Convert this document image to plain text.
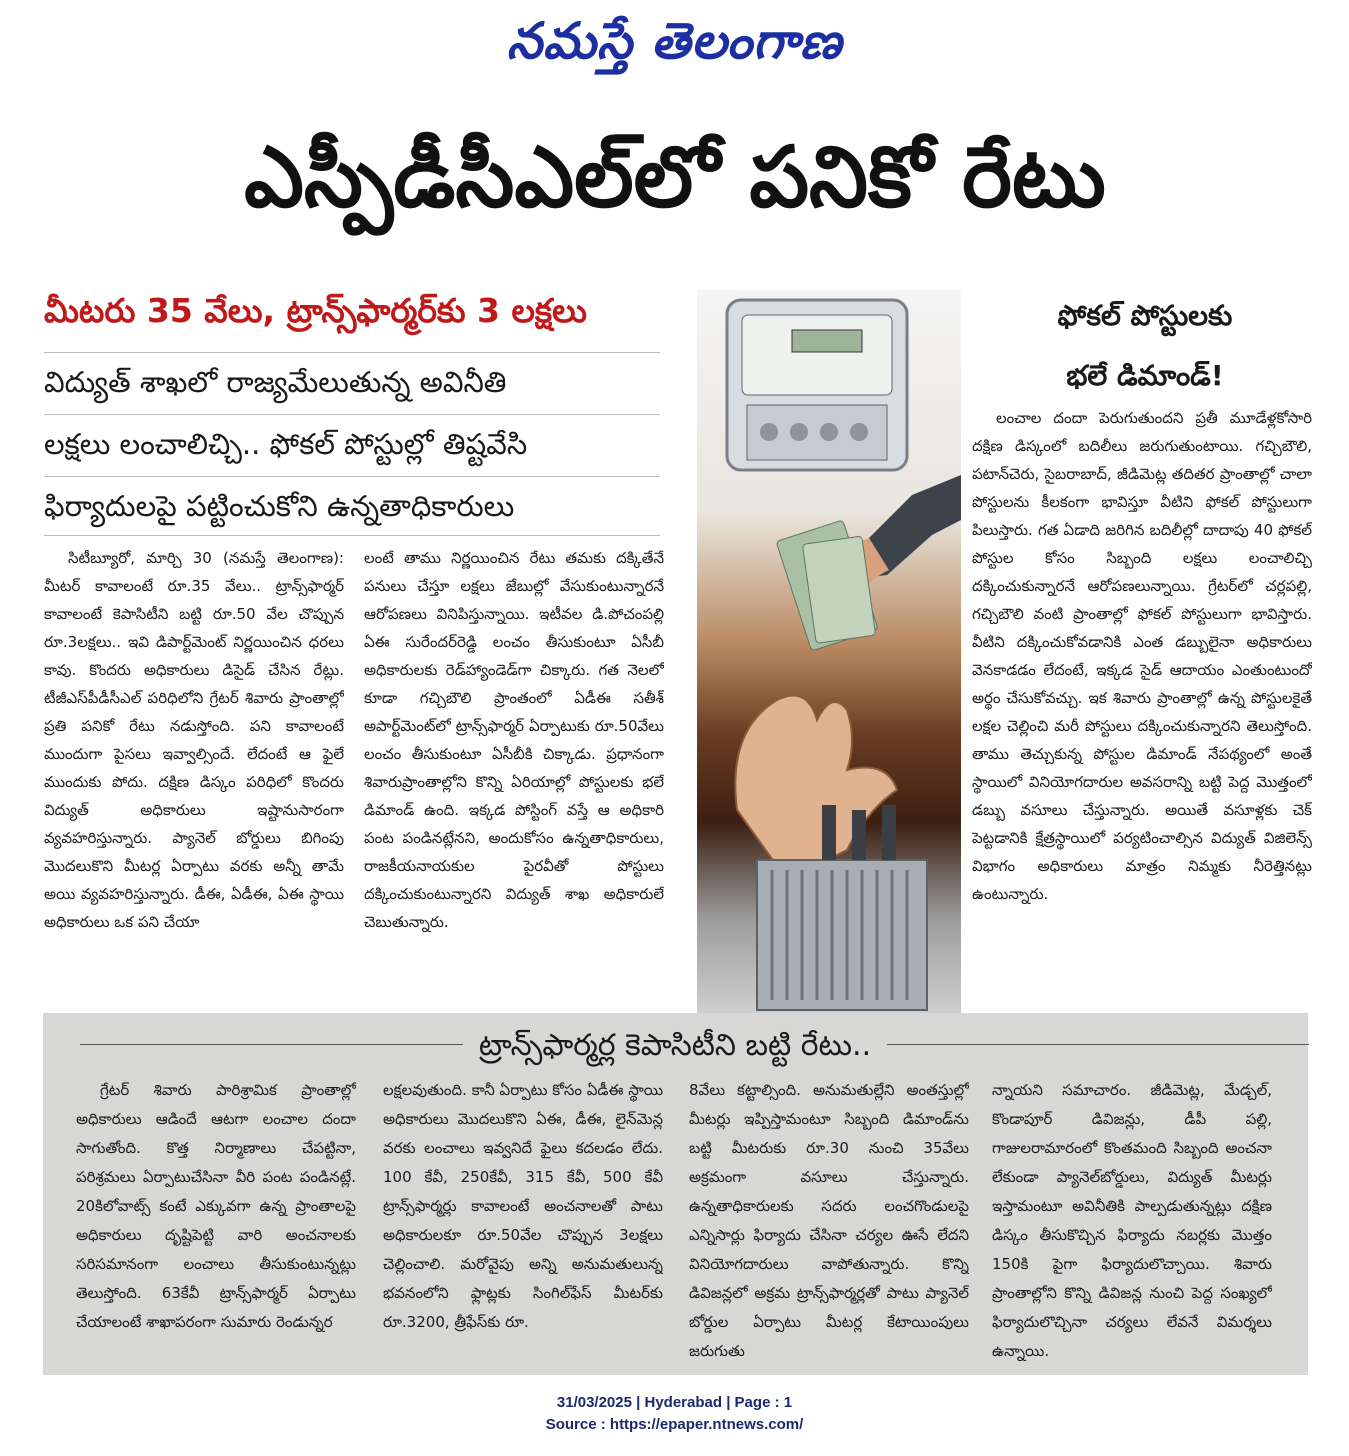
నమస్తే తెలంగాణ
ఎస్పీడీసీఎల్‌లో పనికో రేటు
మీటరు 35 వేలు, ట్రాన్స్‌ఫార్మర్‌కు 3 లక్షలు
విద్యుత్ శాఖలో రాజ్యమేలుతున్న అవినీతి
లక్షలు లంచాలిచ్చి.. ఫోకల్ పోస్టుల్లో తిష్టవేసి
ఫిర్యాదులపై పట్టించుకోని ఉన్నతాధికారులు
సిటీబ్యూరో, మార్చి 30 (నమస్తే తెలంగాణ): మీటర్ కావాలంటే రూ.35 వేలు.. ట్రాన్స్‌ఫార్మర్ కావాలంటే కెపాసిటీని బట్టి రూ.50 వేల చొప్పున రూ.3లక్షలు.. ఇవి డిపార్ట్‌మెంట్ నిర్ణయించిన ధరలు కావు. కొందరు అధికారులు డిసైడ్ చేసిన రేట్లు. టీజీఎస్‌పీడీసీఎల్ పరిధిలోని గ్రేటర్ శివారు ప్రాంతాల్లో ప్రతి పనికో రేటు నడుస్తోంది. పని కావాలంటే ముందుగా పైసలు ఇవ్వాల్సిందే. లేదంటే ఆ ఫైలే ముందుకు పోదు. దక్షిణ డిస్కం పరిధిలో కొందరు విద్యుత్ అధికారులు ఇష్టానుసారంగా వ్యవహరిస్తున్నారు. ప్యానెల్ బోర్డులు బిగింపు మొదలుకొని మీటర్ల ఏర్పాటు వరకు అన్నీ తామే అయి వ్యవహరిస్తున్నారు. డీఈ, ఏడీఈ, ఏఈ స్థాయి అధికారులు ఒక పని చేయా
లంటే తాము నిర్ణయించిన రేటు తమకు దక్కితేనే పనులు చేస్తూ లక్షలు జేబుల్లో వేసుకుంటున్నారనే ఆరోపణలు వినిపిస్తున్నాయి. ఇటీవల డి.పోచంపల్లి ఏఈ సురేందర్‌రెడ్డి లంచం తీసుకుంటూ ఏసీబీ అధికారులకు రెడ్‌హ్యాండెడ్‌గా చిక్కారు. గత నెలలో కూడా గచ్చిబౌలి ప్రాంతంలో ఏడీఈ సతీశ్ అపార్ట్‌మెంట్‌లో ట్రాన్స్‌ఫార్మర్ ఏర్పాటుకు రూ.50వేలు లంచం తీసుకుంటూ ఏసీబీకి చిక్కాడు. ప్రధానంగా శివారుప్రాంతాల్లోని కొన్ని ఏరియాల్లో పోస్టులకు భలే డిమాండ్ ఉంది. ఇక్కడ పోస్టింగ్ వస్తే ఆ అధికారి పంట పండినట్లేనని, అందుకోసం ఉన్నతాధికారులు, రాజకీయనాయకుల పైరవీతో పోస్టులు దక్కించుకుంటున్నారని విద్యుత్ శాఖ అధికారులే చెబుతున్నారు.
ఫోకల్ పోస్టులకు
భలే డిమాండ్!
లంచాల దందా పెరుగుతుందని ప్రతీ మూడేళ్లకోసారి దక్షిణ డిస్కంలో బదిలీలు జరుగుతుంటాయి. గచ్చిబౌలి, పటాన్‌చెరు, సైబరాబాద్, జీడిమెట్ల తదితర ప్రాంతాల్లో చాలా పోస్టులను కీలకంగా భావిస్తూ వీటిని ఫోకల్ పోస్టులుగా పిలుస్తారు. గత ఏడాది జరిగిన బదిలీల్లో దాదాపు 40 ఫోకల్ పోస్టుల కోసం సిబ్బంది లక్షలు లంచాలిచ్చి దక్కించుకున్నారనే ఆరోపణలున్నాయి. గ్రేటర్‌లో చర్లపల్లి, గచ్చిబౌలి వంటి ప్రాంతాల్లో ఫోకల్ పోస్టులుగా భావిస్తారు. వీటిని దక్కించుకోవడానికి ఎంత డబ్బులైనా అధికారులు వెనకాడడం లేదంటే, ఇక్కడ సైడ్ ఆదాయం ఎంతుంటుందో అర్థం చేసుకోవచ్చు. ఇక శివారు ప్రాంతాల్లో ఉన్న పోస్టులకైతే లక్షల చెల్లించి మరీ పోస్టులు దక్కించుకున్నారని తెలుస్తోంది. తాము తెచ్చుకున్న పోస్టుల డిమాండ్ నేపథ్యంలో అంతే స్థాయిలో వినియోగదారుల అవసరాన్ని బట్టి పెద్ద మొత్తంలో డబ్బు వసూలు చేస్తున్నారు. అయితే వసూళ్లకు చెక్ పెట్టడానికి క్షేత్రస్థాయిలో పర్యటించాల్సిన విద్యుత్ విజిలెన్స్ విభాగం అధికారులు మాత్రం నిమ్మకు నీరెత్తినట్లు ఉంటున్నారు.
ట్రాన్స్‌ఫార్మర్ల కెపాసిటీని బట్టి రేటు..
గ్రేటర్ శివారు పారిశ్రామిక ప్రాంతాల్లో అధికారులు ఆడిందే ఆటగా లంచాల దందా సాగుతోంది. కొత్త నిర్మాణాలు చేపట్టినా, పరిశ్రమలు ఏర్పాటుచేసినా వీరి పంట పండినట్లే. 20కిలోవాట్స్ కంటే ఎక్కువగా ఉన్న ప్రాంతాలపై అధికారులు దృష్టిపెట్టి వారి అంచనాలకు సరిసమానంగా లంచాలు తీసుకుంటున్నట్లు తెలుస్తోంది. 63కేవీ ట్రాన్స్‌ఫార్మర్ ఏర్పాటు చేయాలంటే శాఖాపరంగా సుమారు రెండున్నర
లక్షలవుతుంది. కానీ ఏర్పాటు కోసం ఏడీఈ స్థాయి అధికారులు మొదలుకొని ఏఈ, డీఈ, లైన్‌మెన్ల వరకు లంచాలు ఇవ్వనిదే ఫైలు కదలడం లేదు. 100 కేవీ, 250కేవీ, 315 కేవీ, 500 కేవీ ట్రాన్స్‌ఫార్మర్లు కావాలంటే అంచనాలతో పాటు అధికారులకూ రూ.50వేల చొప్పున 3లక్షలు చెల్లించాలి. మరోవైపు అన్ని అనుమతులున్న భవనంలోని ఫ్లాట్లకు సింగిల్‌ఫేస్ మీటర్‌కు రూ.3200, త్రీఫేస్‌కు రూ.
8వేలు కట్టాల్సింది. అనుమతుల్లేని అంతస్తుల్లో మీటర్లు ఇప్పిస్తామంటూ సిబ్బంది డిమాండ్‌ను బట్టి మీటరుకు రూ.30 నుంచి 35వేలు అక్రమంగా వసూలు చేస్తున్నారు. ఉన్నతాధికారులకు సదరు లంచగొండులపై ఎన్నిసార్లు ఫిర్యాదు చేసినా చర్యల ఊసే లేదని వినియోగదారులు వాపోతున్నారు. కొన్ని డివిజన్లలో అక్రమ ట్రాన్స్‌ఫార్మర్లతో పాటు ప్యానెల్ బోర్డుల ఏర్పాటు మీటర్ల కేటాయింపులు జరుగుతు
న్నాయని సమాచారం. జీడిమెట్ల, మేడ్చల్, కొండాపూర్ డివిజన్లు, డీపీ పల్లి, గాజులరామారంలో కొంతమంది సిబ్బంది అంచనా లేకుండా ప్యానెల్‌బోర్డులు, విద్యుత్ మీటర్లు ఇస్తామంటూ అవినీతికి పాల్పడుతున్నట్లు దక్షిణ డిస్కం తీసుకొచ్చిన ఫిర్యాదు నబర్లకు మొత్తం 150కి పైగా ఫిర్యాదులొచ్చాయి. శివారు ప్రాంతాల్లోని కొన్ని డివిజన్ల నుంచి పెద్ద సంఖ్యలో ఫిర్యాదులొచ్చినా చర్యలు లేవనే విమర్శలు ఉన్నాయి.
31/03/2025 | Hyderabad | Page : 1
Source : https://epaper.ntnews.com/
